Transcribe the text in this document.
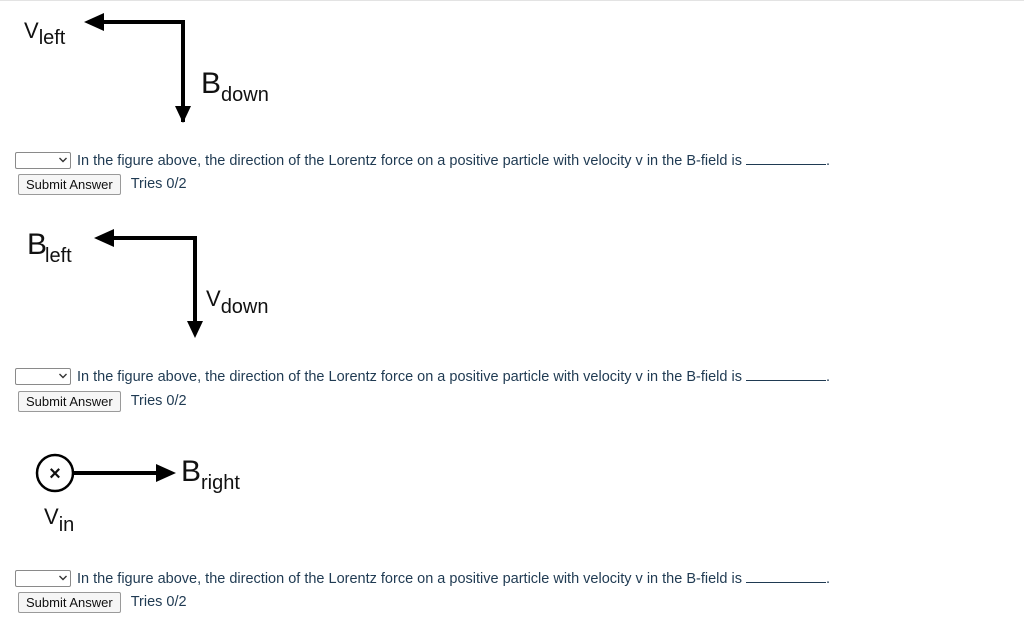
Vleft
$B_{down}$
Bleft
Vdown
×	$B_{right}$
Vin
In the figure above, the direction of the Lorentz force on a positive particle with velocity v in the B-field is	.
Submit Answer	Tries 0/2
In the figure above, the direction of the Lorentz force on a positive particle with velocity v in the B-field is	.
Submit Answer	Tries 0/2
In the figure above, the direction of the Lorentz force on a positive particle with velocity v in the B-field is	.
Submit Answer	Tries 0/2
